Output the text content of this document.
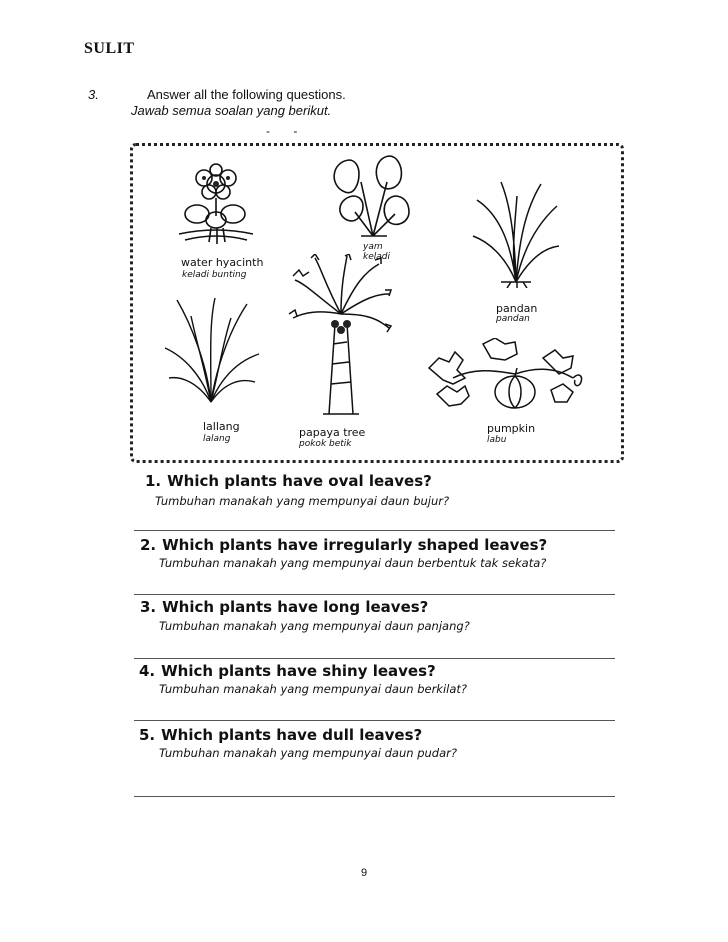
SULIT
3.	Answer all the following questions.
Jawab semua soalan yang berikut.
- -
water hyacinth
keladi bunting
yam
keladi
pandan
pandan
lallang
lalang	papaya tree
pokok betik
pumpkin
labu
1. Which plants have oval leaves?
Tumbuhan manakah yang mempunyai daun bujur?
2. Which plants have irregularly shaped leaves?
Tumbuhan manakah yang mempunyai daun berbentuk tak sekata?
3. Which plants have long leaves?
Tumbuhan manakah yang mempunyai daun panjang?
4. Which plants have shiny leaves?
Tumbuhan manakah yang mempunyai daun berkilat?
5. Which plants have dull leaves?
Tumbuhan manakah yang mempunyai daun pudar?
9
